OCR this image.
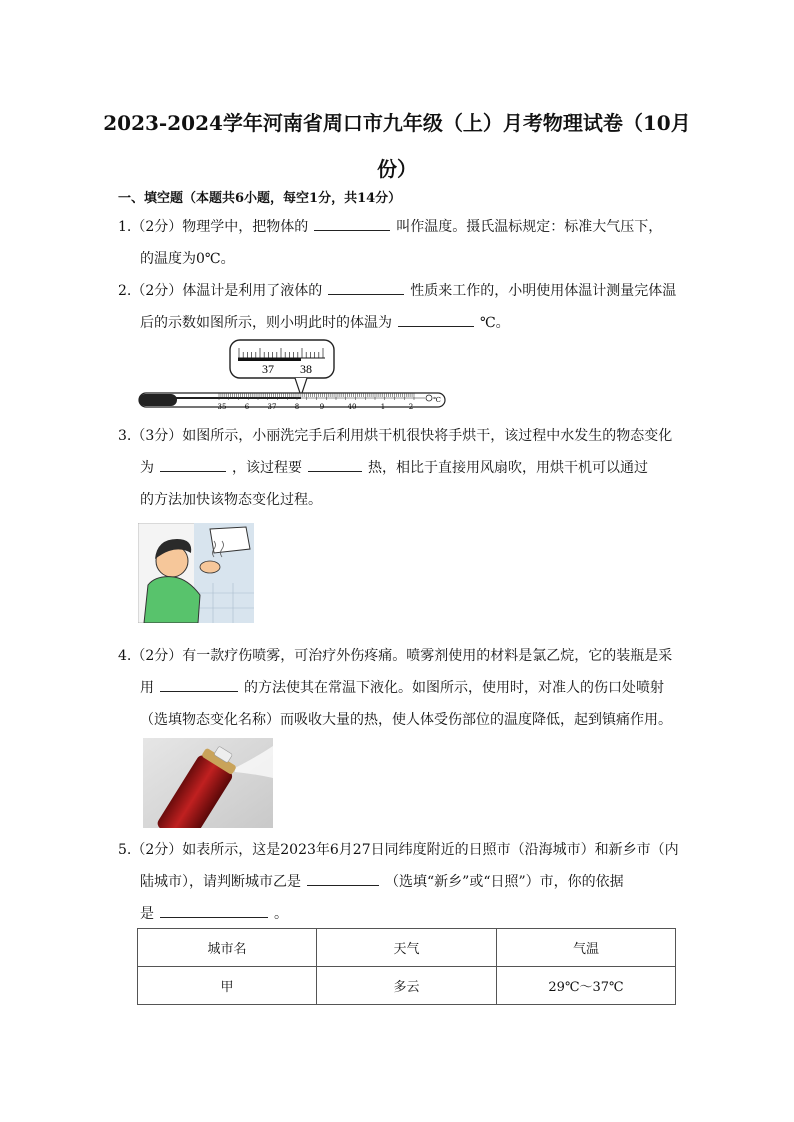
2023-2024学年河南省周口市九年级（上）月考物理试卷（10月
份）
一、填空题（本题共6小题，每空1分，共14分）
1.（2分）物理学中，把物体的	叫作温度。摄氏温标规定：标准大气压下，
的温度为0℃。
2.（2分）体温计是利用了液体的	性质来工作的，小明使用体温计测量完体温
后的示数如图所示，则小明此时的体温为	℃。
37 38
35	6	37	8	9	40	1	2
℃
3.（3分）如图所示，小丽洗完手后利用烘干机很快将手烘干，该过程中水发生的物态变化
为	，该过程要	热，相比于直接用风扇吹，用烘干机可以通过
的方法加快该物态变化过程。
4.（2分）有一款疗伤喷雾，可治疗外伤疼痛。喷雾剂使用的材料是氯乙烷，它的装瓶是采
用	的方法使其在常温下液化。如图所示，使用时，对准人的伤口处喷射
（选填物态变化名称）而吸收大量的热，使人体受伤部位的温度降低，起到镇痛作用。
5.（2分）如表所示，这是2023年6月27日同纬度附近的日照市（沿海城市）和新乡市（内
陆城市），请判断城市乙是	（选填“新乡”或“日照”）市，你的依据
是	。
城市名	天气	气温
甲	多云	29℃～37℃
